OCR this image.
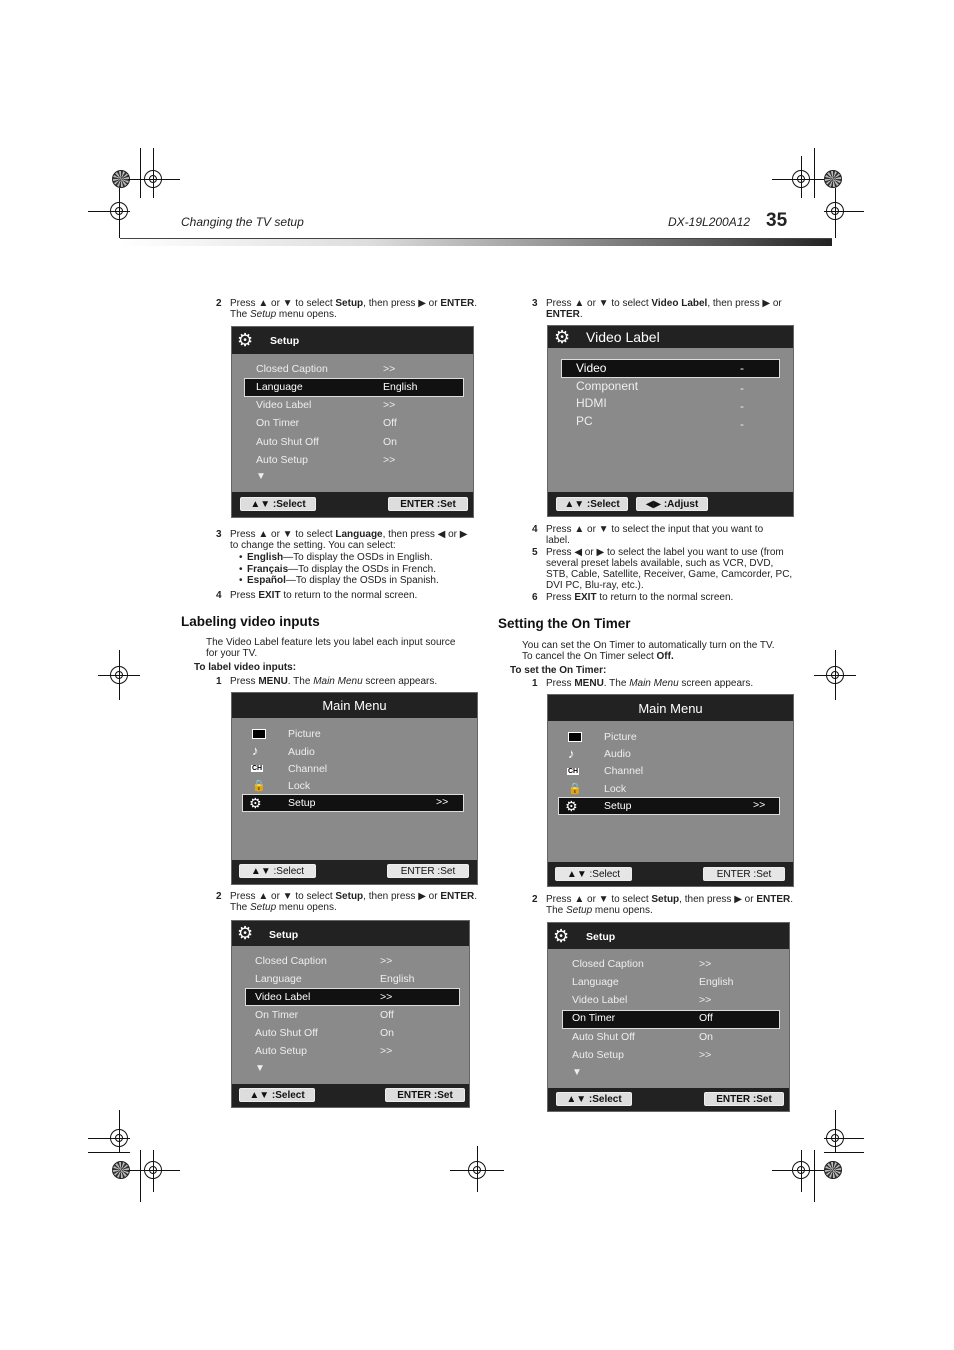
Changing the TV setup	DX-19L200A12 35
2 Press ▲ or ▼ to select Setup, then press ▶ or ENTER.
The Setup menu opens.
⚙ Setup
Closed Caption	>>
Language	English
Video Label	>>
On Timer	Off
Auto Shut Off	On
Auto Setup	>>
▼
▲▼ :Select	ENTER :Set
3 Press ▲ or ▼ to select Language, then press ◀ or ▶
to change the setting. You can select:
• English—To display the OSDs in English.
• Français—To display the OSDs in French.
• Español—To display the OSDs in Spanish.
4 Press EXIT to return to the normal screen.
Labeling video inputs
The Video Label feature lets you label each input source
for your TV.
To label video inputs:
1 Press MENU. The Main Menu screen appears.
Main Menu
♪
CH
🔒
⚙
Picture
Audio
Channel
Lock
Setup	>>
▲▼ :Select	ENTER :Set
2 Press ▲ or ▼ to select Setup, then press ▶ or ENTER.
The Setup menu opens.
⚙ Setup
Closed Caption	>>
Language	English
Video Label	>>
On Timer	Off
Auto Shut Off	On
Auto Setup	>>
▼
▲▼ :Select	ENTER :Set
3 Press ▲ or ▼ to select Video Label, then press ▶ or
ENTER.
⚙ Video Label
Video	-
Component	-
HDMI	-
PC	-
▲▼ :Select	◀▶ :Adjust
4 Press ▲ or ▼ to select the input that you want to
label.
5 Press ◀ or ▶ to select the label you want to use (from
several preset labels available, such as VCR, DVD,
STB, Cable, Satellite, Receiver, Game, Camcorder, PC,
DVI PC, Blu-ray, etc.).
6 Press EXIT to return to the normal screen.
Setting the On Timer
You can set the On Timer to automatically turn on the TV.
To cancel the On Timer select Off.
To set the On Timer:
1 Press MENU. The Main Menu screen appears.
Main Menu
♪
CH
🔒
⚙
Picture
Audio
Channel
Lock
Setup	>>
▲▼ :Select	ENTER :Set
2 Press ▲ or ▼ to select Setup, then press ▶ or ENTER.
The Setup menu opens.
⚙ Setup
Closed Caption	>>
Language	English
Video Label	>>
On Timer	Off
Auto Shut Off	On
Auto Setup	>>
▼
▲▼ :Select	ENTER :Set
